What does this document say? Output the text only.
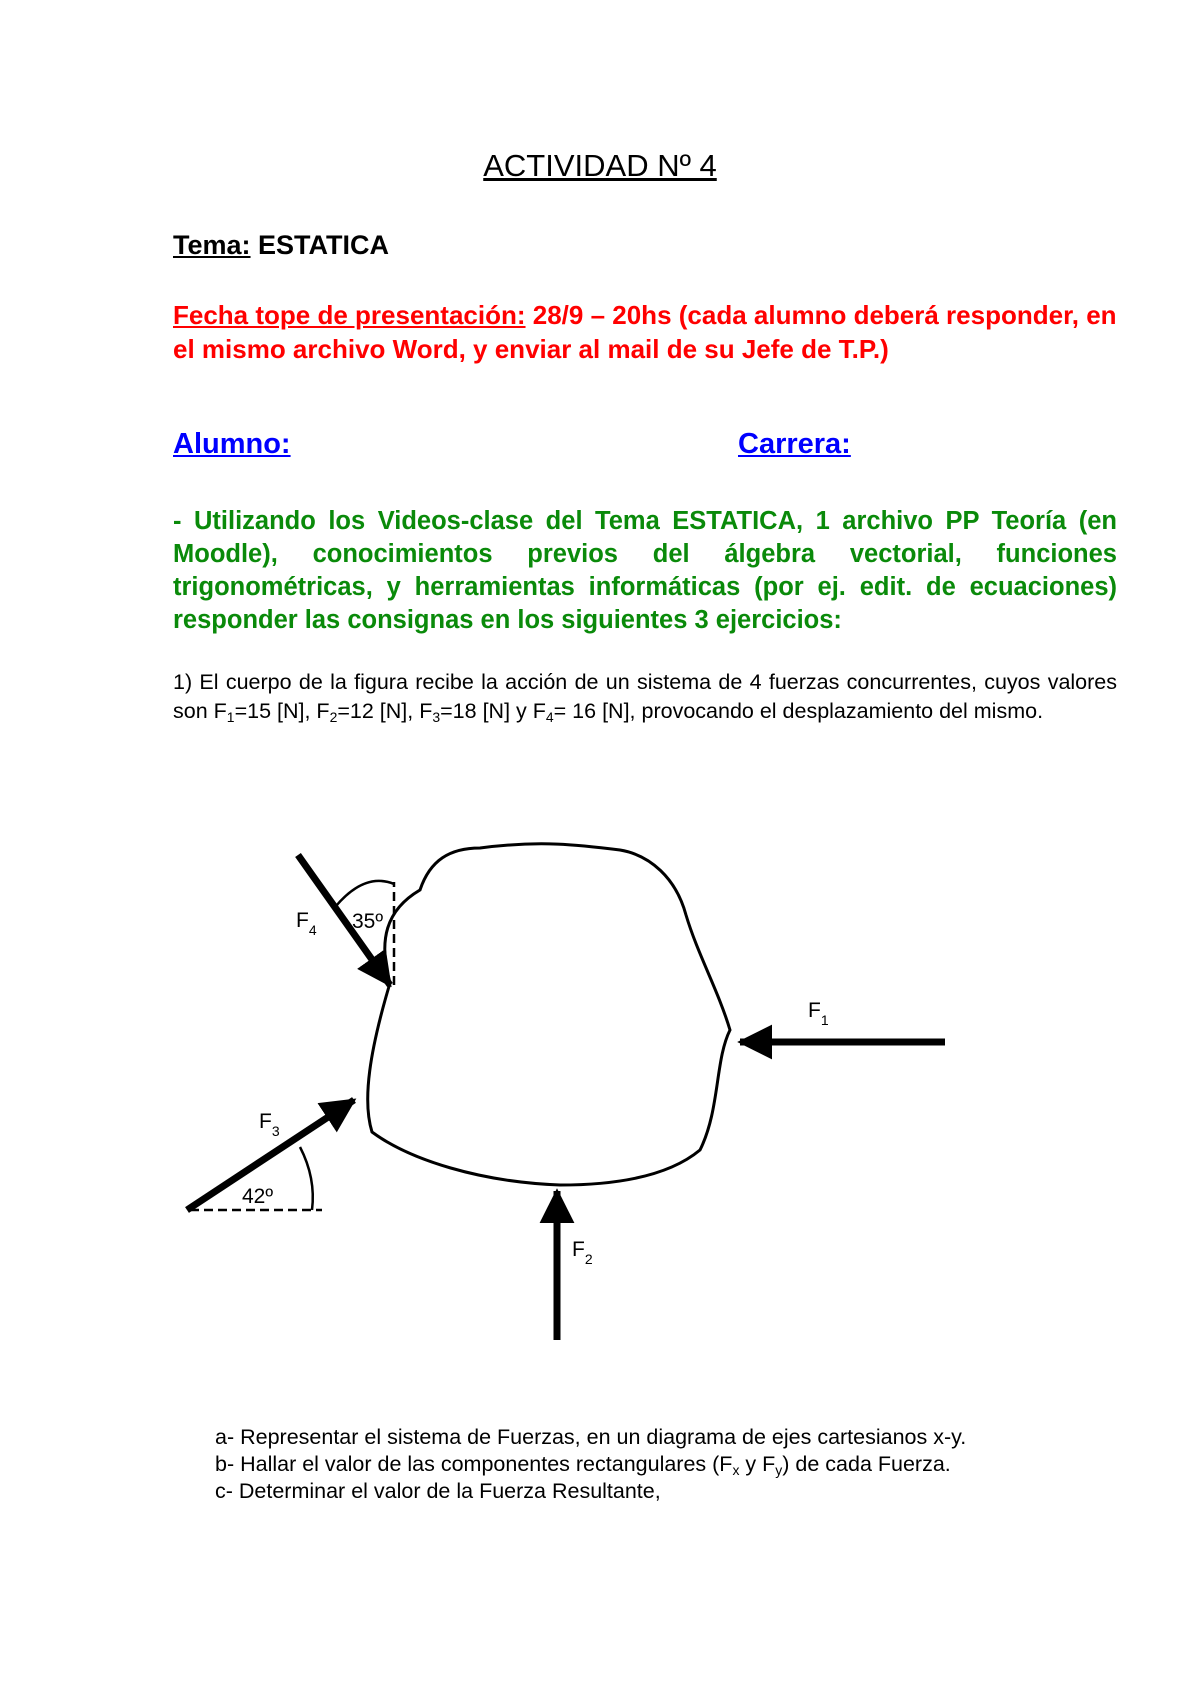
ACTIVIDAD Nº 4
Tema: ESTATICA
Fecha tope de presentación: 28/9 – 20hs (cada alumno deberá responder, en el mismo archivo Word, y enviar al mail de su Jefe de T.P.)
Alumno:	Carrera:
- Utilizando los Videos-clase del Tema ESTATICA, 1 archivo PP Teoría (en Moodle), conocimientos previos del álgebra vectorial, funciones trigonométricas, y herramientas informáticas (por ej. edit. de ecuaciones) responder las consignas en los siguientes 3 ejercicios:
1) El cuerpo de la figura recibe la acción de un sistema de 4 fuerzas concurrentes, cuyos valores son $F_1=15$ [N], $F_2=12$ [N], $F_3=18$ [N] y $F_4= 16$ [N], provocando el desplazamiento del mismo.
$F_1$
$F_2$
$F_3$
$F_4$ 35º
42º
a- Representar el sistema de Fuerzas, en un diagrama de ejes cartesianos x-y.
b- Hallar el valor de las componentes rectangulares ($F_x$ y $F_y$) de cada Fuerza.
c- Determinar el valor de la Fuerza Resultante,
